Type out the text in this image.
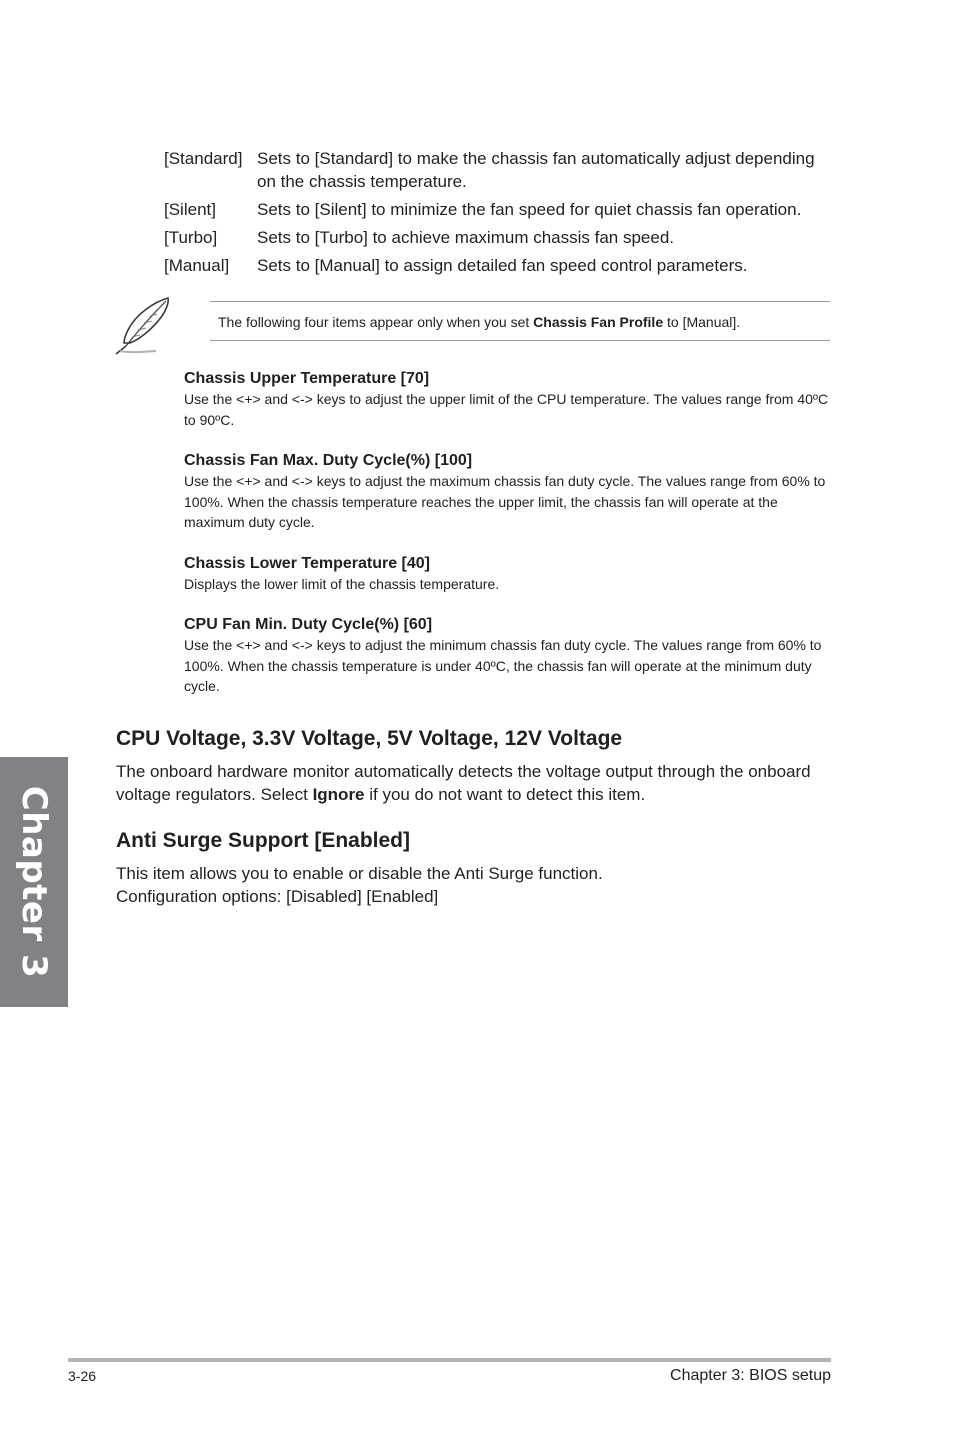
[Standard] Sets to [Standard] to make the chassis fan automatically adjust depending on the chassis temperature.
[Silent] Sets to [Silent] to minimize the fan speed for quiet chassis fan operation.
[Turbo] Sets to [Turbo] to achieve maximum chassis fan speed.
[Manual] Sets to [Manual] to assign detailed fan speed control parameters.
The following four items appear only when you set Chassis Fan Profile to [Manual].
Chassis Upper Temperature [70]
Use the <+> and <-> keys to adjust the upper limit of the CPU temperature. The values range from 40ºC to 90ºC.
Chassis Fan Max. Duty Cycle(%) [100]
Use the <+> and <-> keys to adjust the maximum chassis fan duty cycle. The values range from 60% to 100%. When the chassis temperature reaches the upper limit, the chassis fan will operate at the maximum duty cycle.
Chassis Lower Temperature [40]
Displays the lower limit of the chassis temperature.
CPU Fan Min. Duty Cycle(%) [60]
Use the <+> and <-> keys to adjust the minimum chassis fan duty cycle. The values range from 60% to 100%. When the chassis temperature is under 40ºC, the chassis fan will operate at the minimum duty cycle.
CPU Voltage, 3.3V Voltage, 5V Voltage, 12V Voltage

The onboard hardware monitor automatically detects the voltage output through the onboard voltage regulators. Select Ignore if you do not want to detect this item.

Anti Surge Support [Enabled]

This item allows you to enable or disable the Anti Surge function.

Configuration options: [Disabled] [Enabled]

Chapter 3
3-26	Chapter 3: BIOS setup
